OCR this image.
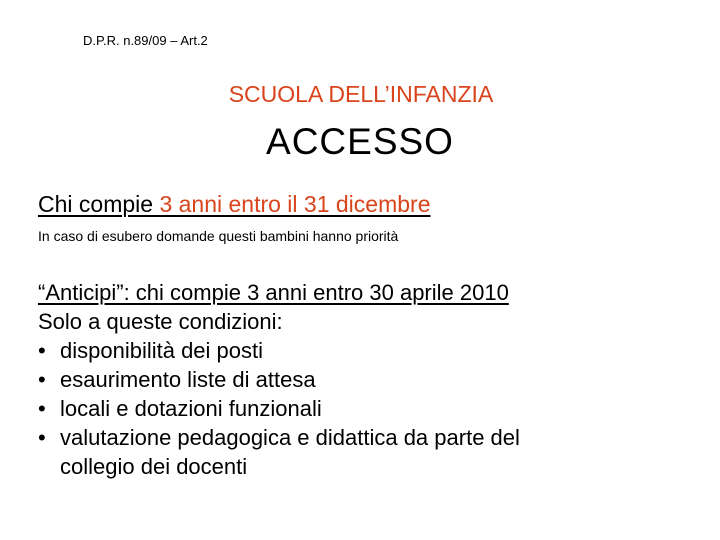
D.P.R. n.89/09 – Art.2
SCUOLA DELL’INFANZIA
ACCESSO
Chi compie 3 anni entro il 31 dicembre
In caso di esubero domande questi bambini hanno priorità
“Anticipi”: chi compie 3 anni entro 30 aprile 2010
Solo a queste condizioni:
• disponibilità dei posti
• esaurimento liste di attesa
• locali e dotazioni funzionali
• valutazione pedagogica e didattica da parte del
collegio dei docenti
